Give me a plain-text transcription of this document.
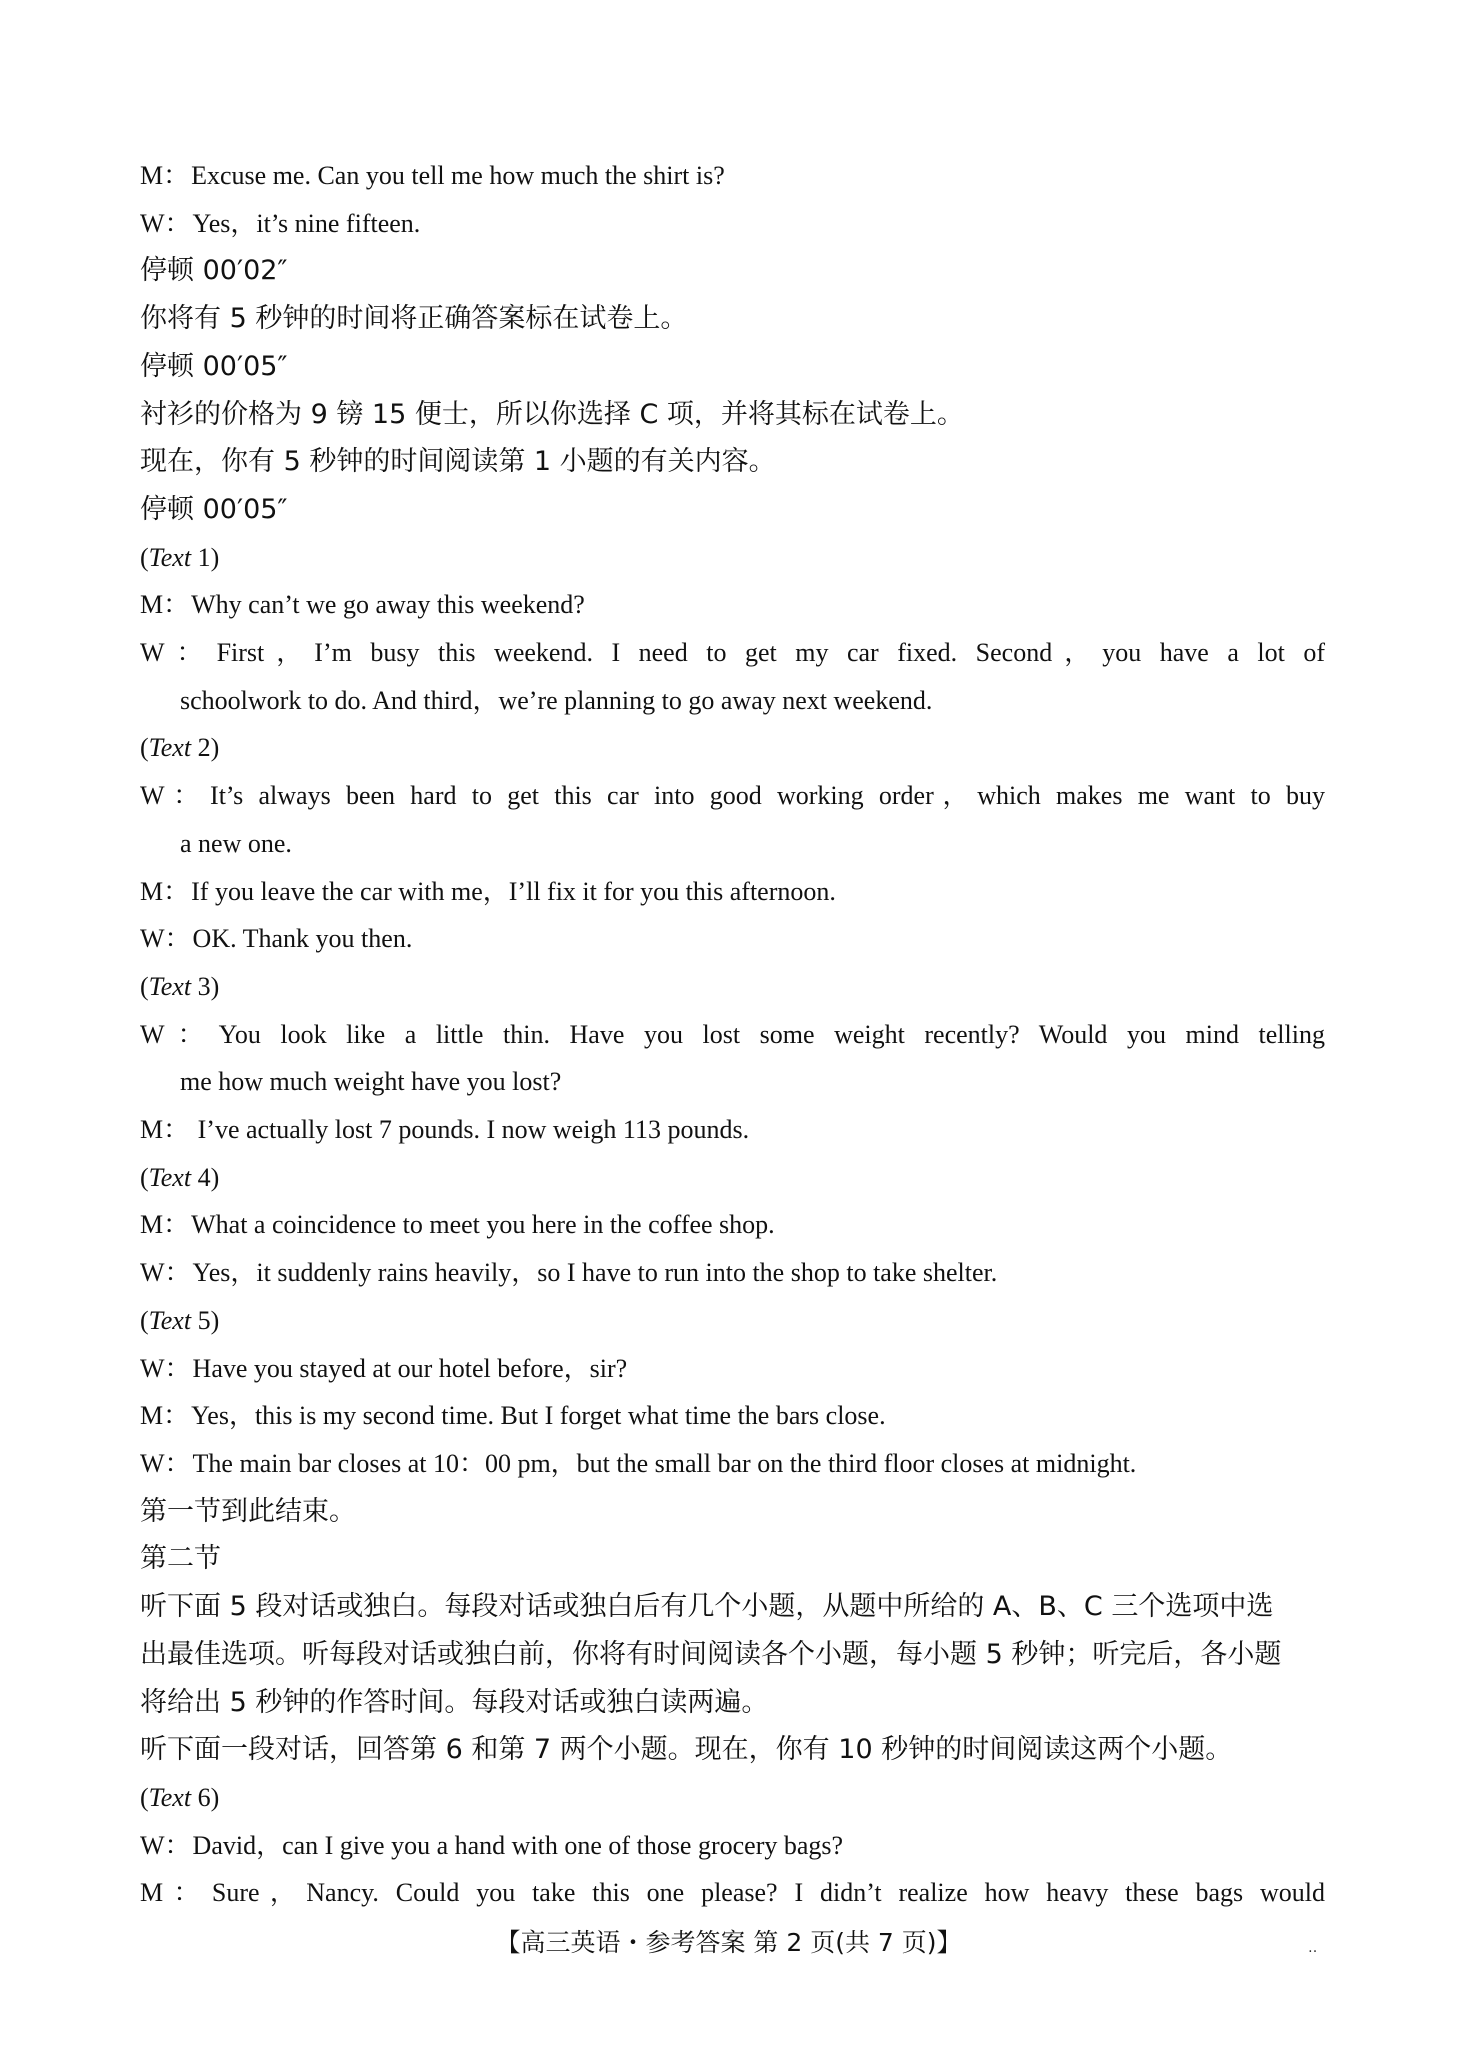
M：Excuse me. Can you tell me how much the shirt is?
W：Yes，it’s nine fifteen.
停顿 00′02″
你将有 5 秒钟的时间将正确答案标在试卷上。
停顿 00′05″
衬衫的价格为 9 镑 15 便士，所以你选择 C 项，并将其标在试卷上。
现在，你有 5 秒钟的时间阅读第 1 小题的有关内容。
停顿 00′05″
(Text 1)
M：Why can’t we go away this weekend?
W：First，I’m busy this weekend. I need to get my car fixed. Second，you have a lot of
schoolwork to do. And third，we’re planning to go away next weekend.
(Text 2)
W：It’s always been hard to get this car into good working order，which makes me want to buy
a new one.
M：If you leave the car with me，I’ll fix it for you this afternoon.
W：OK. Thank you then.
(Text 3)
W：You look like a little thin. Have you lost some weight recently? Would you mind telling
me how much weight have you lost?
M： I’ve actually lost 7 pounds. I now weigh 113 pounds.
(Text 4)
M：What a coincidence to meet you here in the coffee shop.
W：Yes，it suddenly rains heavily，so I have to run into the shop to take shelter.
(Text 5)
W：Have you stayed at our hotel before，sir?
M：Yes，this is my second time. But I forget what time the bars close.
W：The main bar closes at 10：00 pm，but the small bar on the third floor closes at midnight.
第一节到此结束。
第二节
听下面 5 段对话或独白。每段对话或独白后有几个小题，从题中所给的 A、B、C 三个选项中选
出最佳选项。听每段对话或独白前，你将有时间阅读各个小题，每小题 5 秒钟；听完后，各小题
将给出 5 秒钟的作答时间。每段对话或独白读两遍。
听下面一段对话，回答第 6 和第 7 两个小题。现在，你有 10 秒钟的时间阅读这两个小题。
(Text 6)
W：David，can I give you a hand with one of those grocery bags?
M：Sure，Nancy. Could you take this one please? I didn’t realize how heavy these bags would
【高三英语・参考答案 第 2 页(共 7 页)】	‥
